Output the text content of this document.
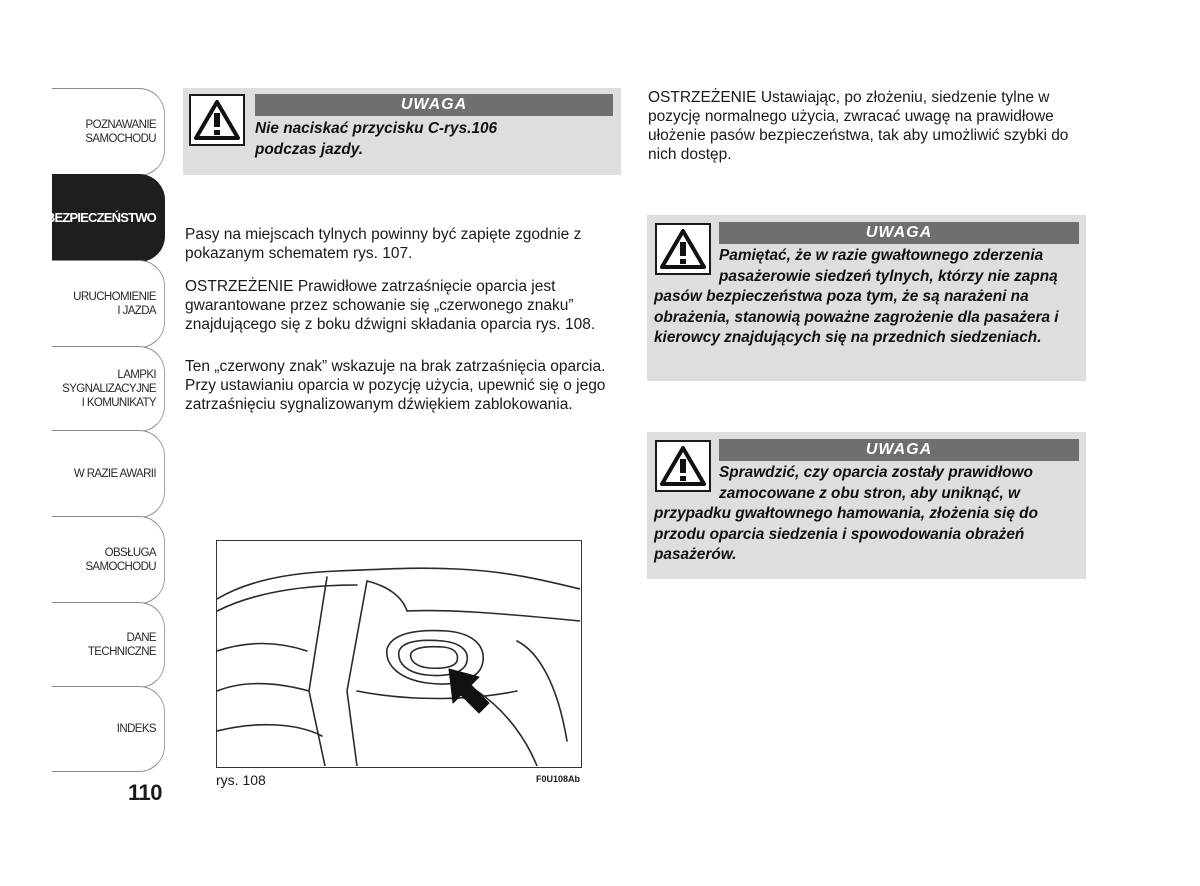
POZNAWANIE
SAMOCHODU
BEZPIECZEŃSTWO
URUCHOMIENIE
I JAZDA
LAMPKI
SYGNALIZACYJNE
I KOMUNIKATY
W RAZIE AWARII
OBSŁUGA
SAMOCHODU
DANE
TECHNICZNE
INDEKS
110
UWAGA
Nie naciskać przycisku C-rys.106 podczas jazdy.
Pasy na miejscach tylnych powinny być zapięte zgodnie z pokazanym schematem rys. 107.
OSTRZEŻENIE Prawidłowe zatrzaśnięcie oparcia jest gwarantowane przez schowanie się „czerwonego znaku” znajdującego się z boku dźwigni składania oparcia rys. 108.
Ten „czerwony znak” wskazuje na brak zatrzaśnięcia oparcia. Przy ustawianiu oparcia w pozycję użycia, upewnić się o jego zatrzaśnięciu sygnalizowanym dźwiękiem zablokowania.
rys. 108	F0U108Ab
OSTRZEŻENIE Ustawiając, po złożeniu, siedzenie tylne w pozycję normalnego użycia, zwracać uwagę na prawidłowe ułożenie pasów bezpieczeństwa, tak aby umożliwić szybki do nich dostęp.
UWAGA
Pamiętać, że w razie gwałtownego zderzenia pasażerowie siedzeń tylnych, którzy nie zapną pasów bezpieczeństwa poza tym, że są narażeni na obrażenia, stanowią poważne zagrożenie dla pasażera i kierowcy znajdujących się na przednich siedzeniach.
UWAGA
Sprawdzić, czy oparcia zostały prawidłowo zamocowane z obu stron, aby uniknąć, w przypadku gwałtownego hamowania, złożenia się do przodu oparcia siedzenia i spowodowania obrażeń pasażerów.
